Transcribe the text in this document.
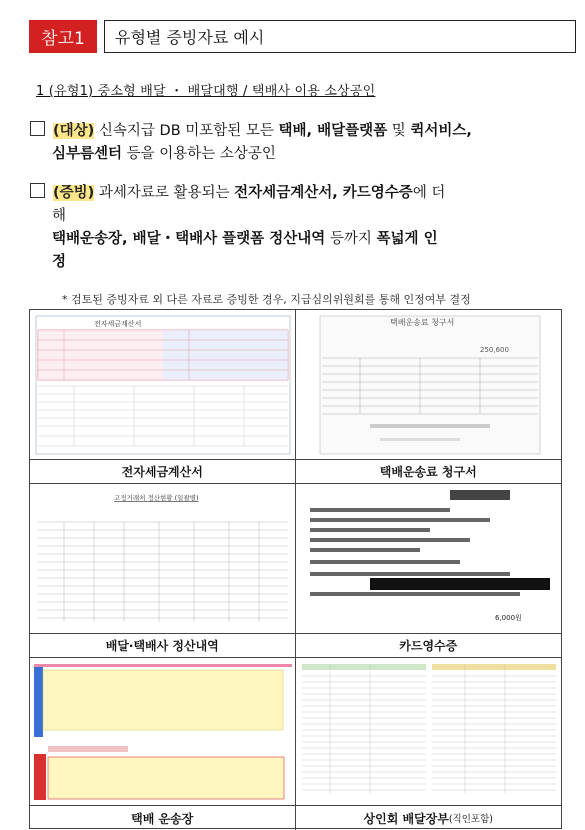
참고1	유형별 증빙자료 예시
1 (유형1) 중소형 배달 ・ 배달대행 / 택배사 이용 소상공인
(대상) 신속지급 DB 미포함된 모든 택배, 배달플랫폼 및 퀵서비스,
심부름센터 등을 이용하는 소상공인
(증빙) 과세자료로 활용되는 전자세금계산서, 카드영수증에 더
해
택배운송장, 배달・택배사 플랫폼 정산내역 등까지 폭넓게 인
정
* 검토된 증빙자료 외 다른 자료로 증빙한 경우, 지급심의위원회를 통해 인정여부 결정
전자세금계산서	택배운송료 청구서
250,600
전자세금계산서	택배운송료 청구서
고정거래처 정산현황 (일괄별)
6,000원
배달·택배사 정산내역	카드영수증
택배 운송장	상인회 배달장부 (직인포함)
